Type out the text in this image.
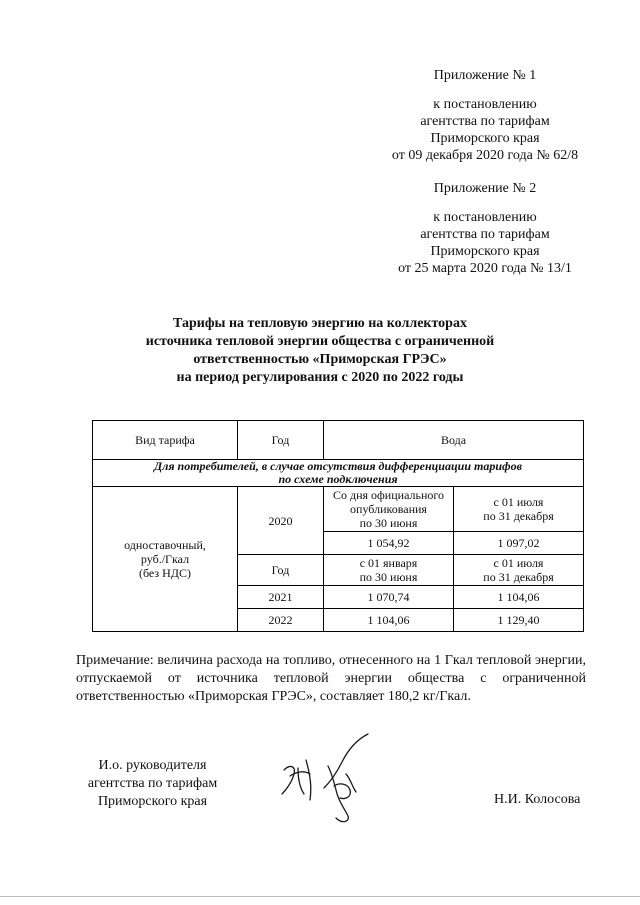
Приложение № 1
к постановлению
агентства по тарифам
Приморского края
от 09 декабря 2020 года № 62/8
Приложение № 2
к постановлению
агентства по тарифам
Приморского края
от 25 марта 2020 года № 13/1
Тарифы на тепловую энергию на коллекторах
источника тепловой энергии общества с ограниченной
ответственностью «Приморская ГРЭС»
на период регулирования с 2020 по 2022 годы
Вид тарифа	Год	Вода	

Для потребителей, в случае отсутствия дифференциации тарифов
по схеме подключения			

одноставочный,
руб./Гкал
(без НДС)	2020	Со дня официального
опубликования
по 30 июня	с 01 июля
по 31 декабря

		1 054,92	1 097,02
	Год	с 01 января
по 30 июня	с 01 июля
по 31 декабря

	2021	1 070,74	1 104,06
	2022	1 104,06	1 129,40
Примечание: величина расхода на топливо, отнесенного на 1 Гкал тепловой энергии, отпускаемой от источника тепловой энергии общества с ограниченной ответственностью «Приморская ГРЭС», составляет 180,2 кг/Гкал.
И.о. руководителя
агентства по тарифам
Приморского края	Н.И. Колосова
